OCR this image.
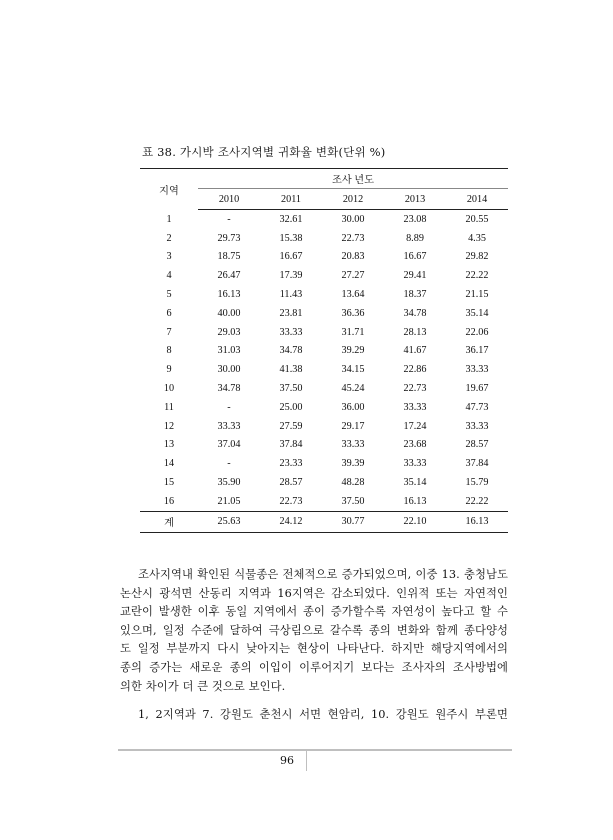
표 38. 가시박 조사지역별 귀화율 변화(단위 %)
지역	조사 년도				
	2010	2011	2012	2013	2014
1	-	32.61	30.00	23.08	20.55
2	29.73	15.38	22.73	8.89	4.35
3	18.75	16.67	20.83	16.67	29.82
4	26.47	17.39	27.27	29.41	22.22
5	16.13	11.43	13.64	18.37	21.15
6	40.00	23.81	36.36	34.78	35.14
7	29.03	33.33	31.71	28.13	22.06
8	31.03	34.78	39.29	41.67	36.17
9	30.00	41.38	34.15	22.86	33.33
10	34.78	37.50	45.24	22.73	19.67
11	-	25.00	36.00	33.33	47.73
12	33.33	27.59	29.17	17.24	33.33
13	37.04	37.84	33.33	23.68	28.57
14	-	23.33	39.39	33.33	37.84
15	35.90	28.57	48.28	35.14	15.79
16	21.05	22.73	37.50	16.13	22.22
계	25.63	24.12	30.77	22.10	16.13
조사지역내 확인된 식물종은 전체적으로 증가되었으며, 이중 13. 충청남도
논산시 광석면 산동리 지역과 16지역은 감소되었다. 인위적 또는 자연적인
교란이 발생한 이후 동일 지역에서 종이 증가할수록 자연성이 높다고 할 수
있으며, 일정 수준에 달하여 극상림으로 갈수록 종의 변화와 함께 종다양성
도 일정 부분까지 다시 낮아지는 현상이 나타난다. 하지만 해당지역에서의
종의 증가는 새로운 종의 이입이 이루어지기 보다는 조사자의 조사방법에
의한 차이가 더 큰 것으로 보인다.
1, 2지역과 7. 강원도 춘천시 서면 현암리, 10. 강원도 원주시 부론면
96
